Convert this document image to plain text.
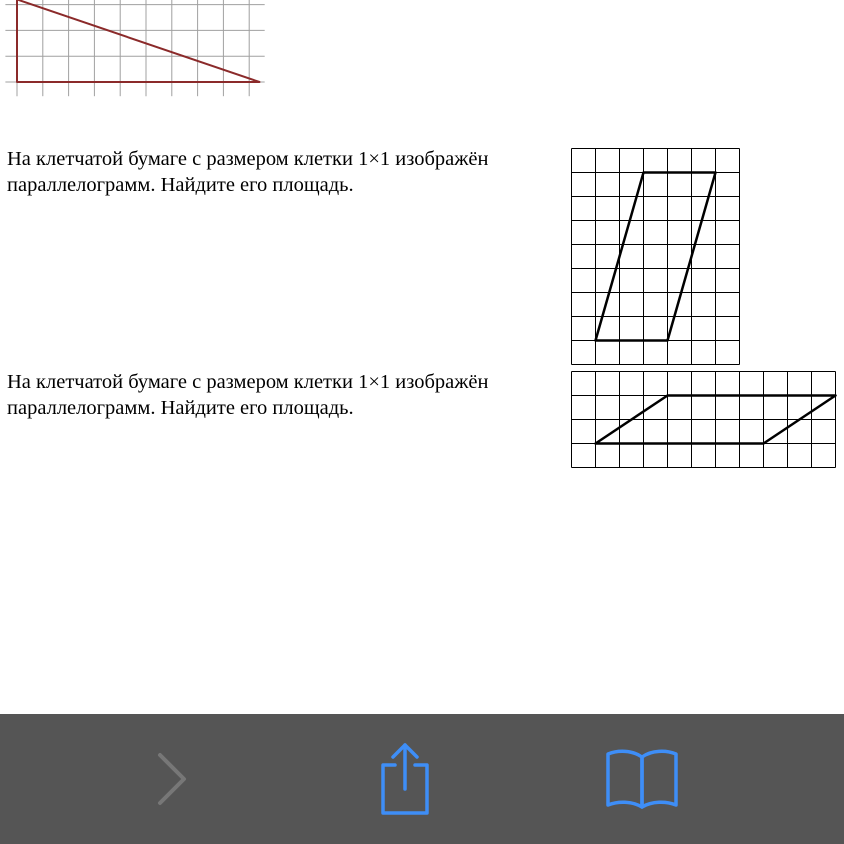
На клетчатой бумаге с размером клетки 1×1 изображён параллелограмм. Найдите его площадь.

На клетчатой бумаге с размером клетки 1×1 изображён параллелограмм. Найдите его площадь.
